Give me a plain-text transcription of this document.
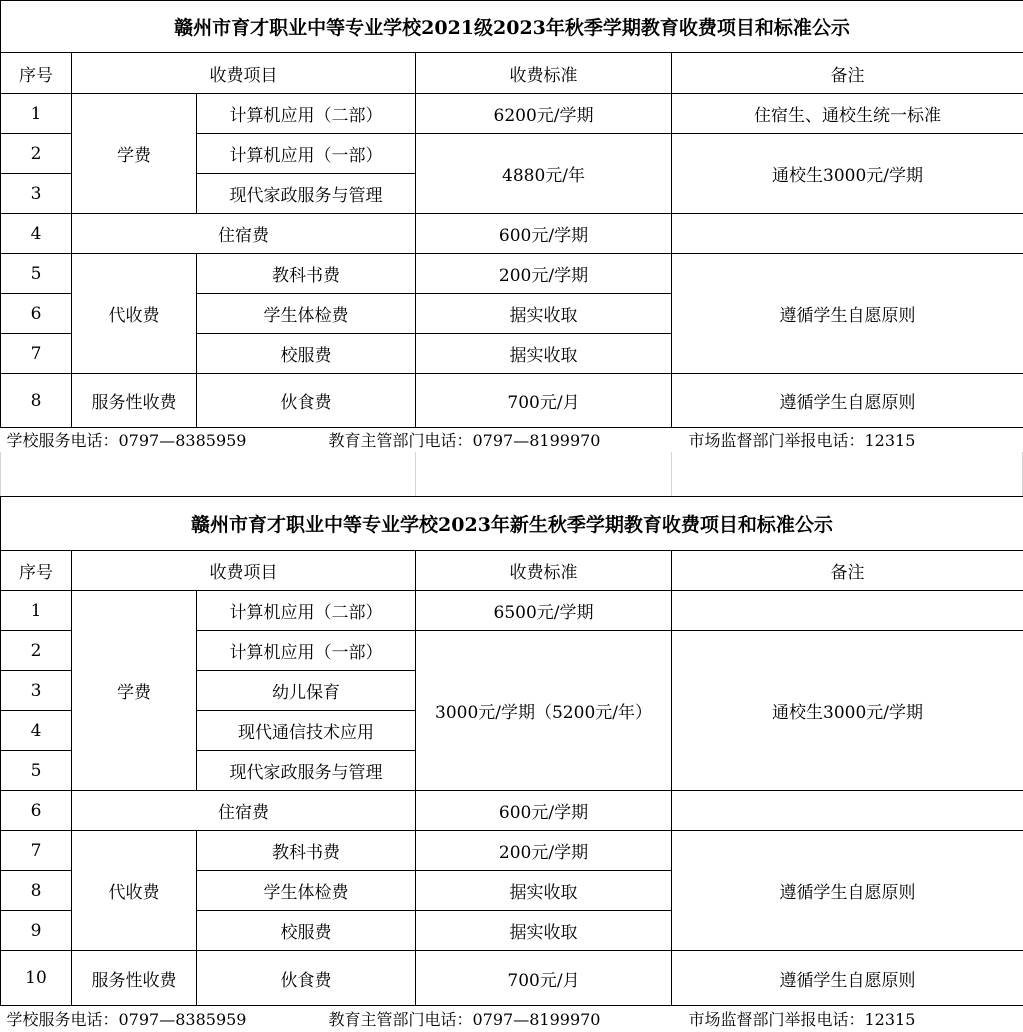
赣州市育才职业中等专业学校2021级2023年秋季学期教育收费项目和标准公示				
序号	收费项目		收费标准	备注
1	学费	计算机应用（二部）	6200元/学期	住宿生、通校生统一标准
2		计算机应用（一部）	4880元/年	通校生3000元/学期
3		现代家政服务与管理		
4	住宿费		600元/学期	
5	代收费	教科书费	200元/学期	遵循学生自愿原则
6		学生体检费	据实收取	
7		校服费	据实收取	
8	服务性收费	伙食费	700元/月	遵循学生自愿原则
学校服务电话：0797—8385959 教育主管部门电话：0797—8199970 市场监督部门举报电话：12315				
赣州市育才职业中等专业学校2023年新生秋季学期教育收费项目和标准公示				
序号	收费项目		收费标准	备注
1	学费	计算机应用（二部）	6500元/学期	
2		计算机应用（一部）	3000元/学期（5200元/年）	通校生3000元/学期
3		幼儿保育		
4		现代通信技术应用		
5		现代家政服务与管理		
6	住宿费		600元/学期	
7	代收费	教科书费	200元/学期	遵循学生自愿原则
8		学生体检费	据实收取	
9		校服费	据实收取	
10	服务性收费	伙食费	700元/月	遵循学生自愿原则
学校服务电话：0797—8385959 教育主管部门电话：0797—8199970 市场监督部门举报电话：12315				
